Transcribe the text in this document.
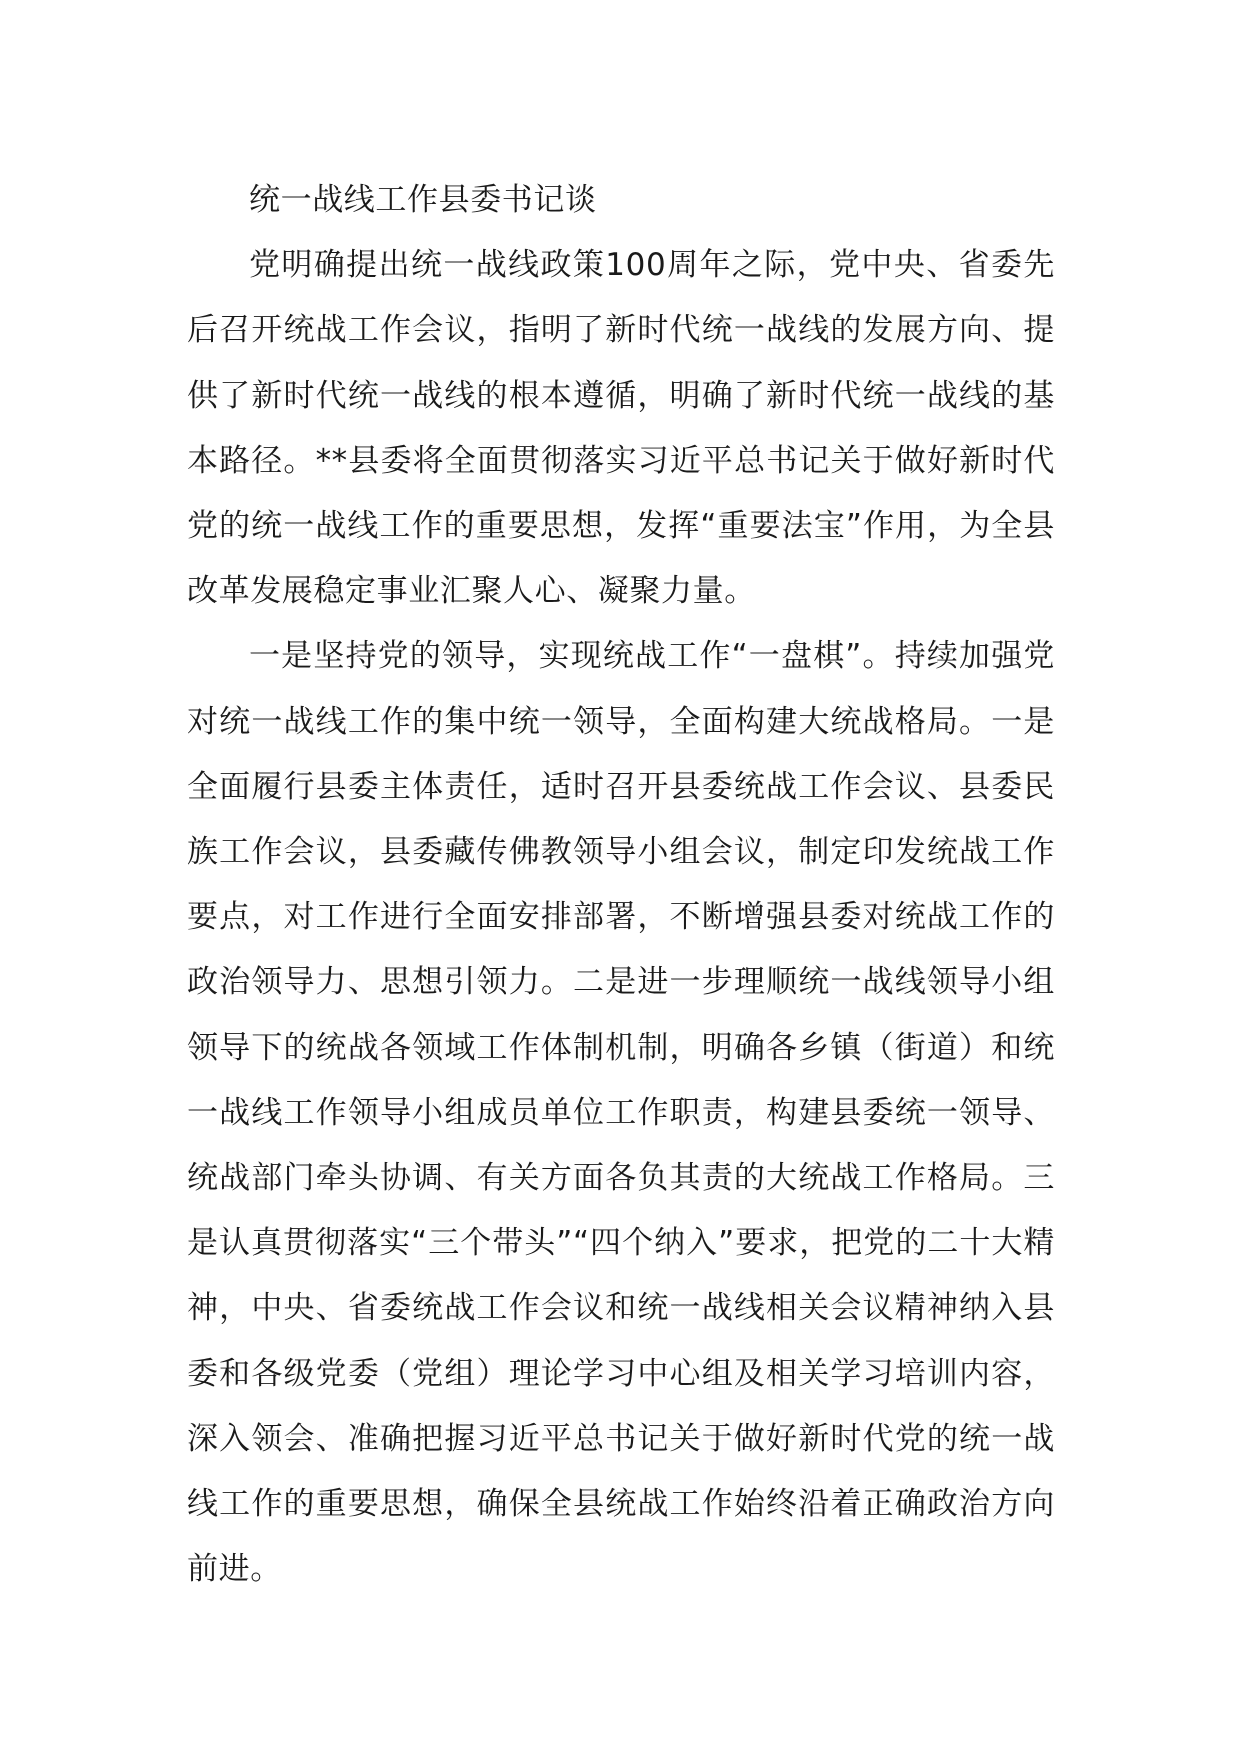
统一战线工作县委书记谈

党明确提出统一战线政策100周年之际，党中央、省委先后召开统战工作会议，指明了新时代统一战线的发展方向、提供了新时代统一战线的根本遵循，明确了新时代统一战线的基本路径。**县委将全面贯彻落实习近平总书记关于做好新时代党的统一战线工作的重要思想，发挥“重要法宝”作用，为全县改革发展稳定事业汇聚人心、凝聚力量。

一是坚持党的领导，实现统战工作“一盘棋”。持续加强党对统一战线工作的集中统一领导，全面构建大统战格局。一是全面履行县委主体责任，适时召开县委统战工作会议、县委民族工作会议，县委藏传佛教领导小组会议，制定印发统战工作要点，对工作进行全面安排部署，不断增强县委对统战工作的政治领导力、思想引领力。二是进一步理顺统一战线领导小组领导下的统战各领域工作体制机制，明确各乡镇（街道）和统一战线工作领导小组成员单位工作职责，构建县委统一领导、统战部门牵头协调、有关方面各负其责的大统战工作格局。三是认真贯彻落实“三个带头”“四个纳入”要求，把党的二十大精神，中央、省委统战工作会议和统一战线相关会议精神纳入县委和各级党委（党组）理论学习中心组及相关学习培训内容，深入领会、准确把握习近平总书记关于做好新时代党的统一战线工作的重要思想，确保全县统战工作始终沿着正确政治方向前进。
